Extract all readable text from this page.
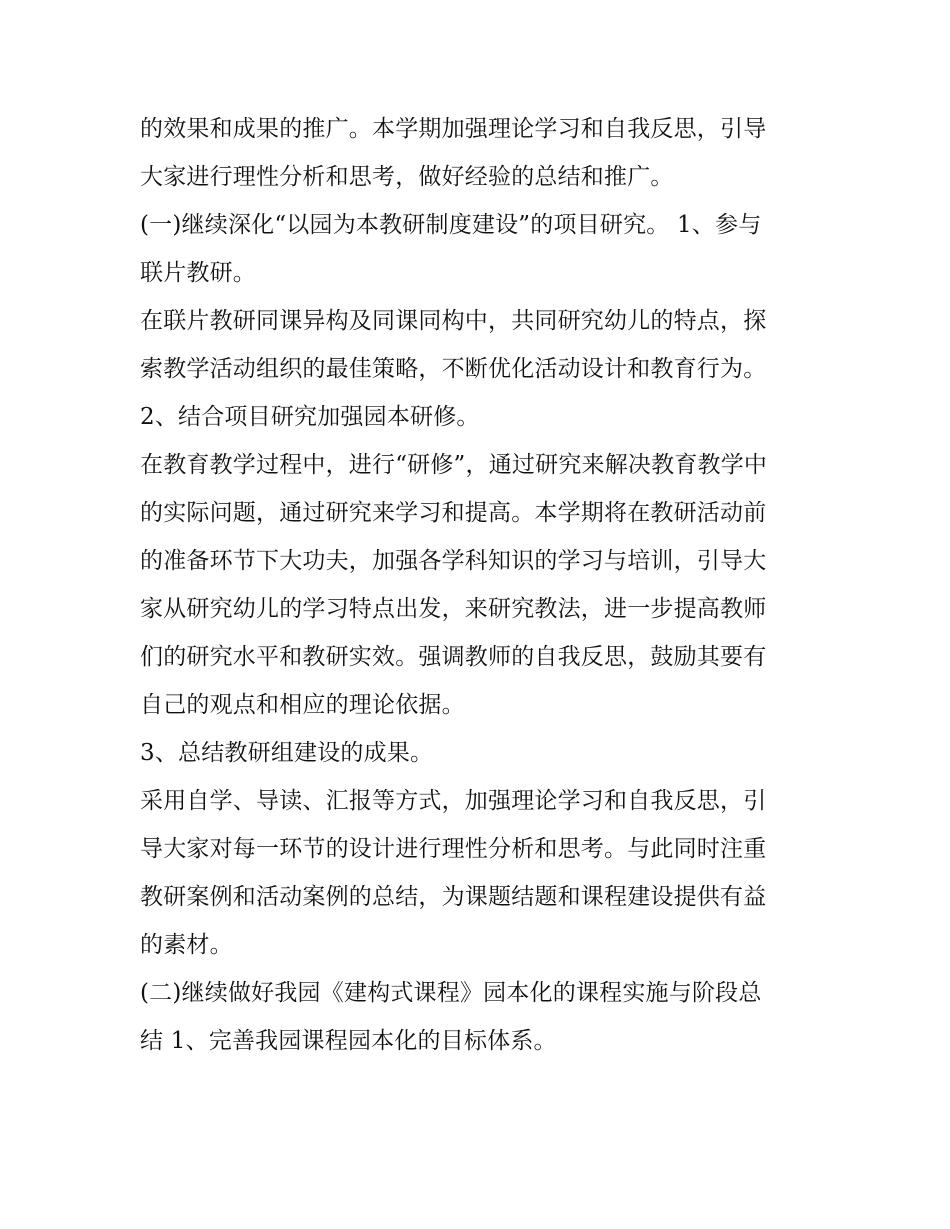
的效果和成果的推广。本学期加强理论学习和自我反思，引导
大家进行理性分析和思考，做好经验的总结和推广。
(一)继续深化“以园为本教研制度建设”的项目研究。 1、参与
联片教研。
在联片教研同课异构及同课同构中，共同研究幼儿的特点，探
索教学活动组织的最佳策略，不断优化活动设计和教育行为。
2、结合项目研究加强园本研修。
在教育教学过程中，进行“研修”，通过研究来解决教育教学中
的实际问题，通过研究来学习和提高。本学期将在教研活动前
的准备环节下大功夫，加强各学科知识的学习与培训，引导大
家从研究幼儿的学习特点出发，来研究教法，进一步提高教师
们的研究水平和教研实效。强调教师的自我反思，鼓励其要有
自己的观点和相应的理论依据。
3、总结教研组建设的成果。
采用自学、导读、汇报等方式，加强理论学习和自我反思，引
导大家对每一环节的设计进行理性分析和思考。与此同时注重
教研案例和活动案例的总结，为课题结题和课程建设提供有益
的素材。
(二)继续做好我园《建构式课程》园本化的课程实施与阶段总
结 1、完善我园课程园本化的目标体系。
